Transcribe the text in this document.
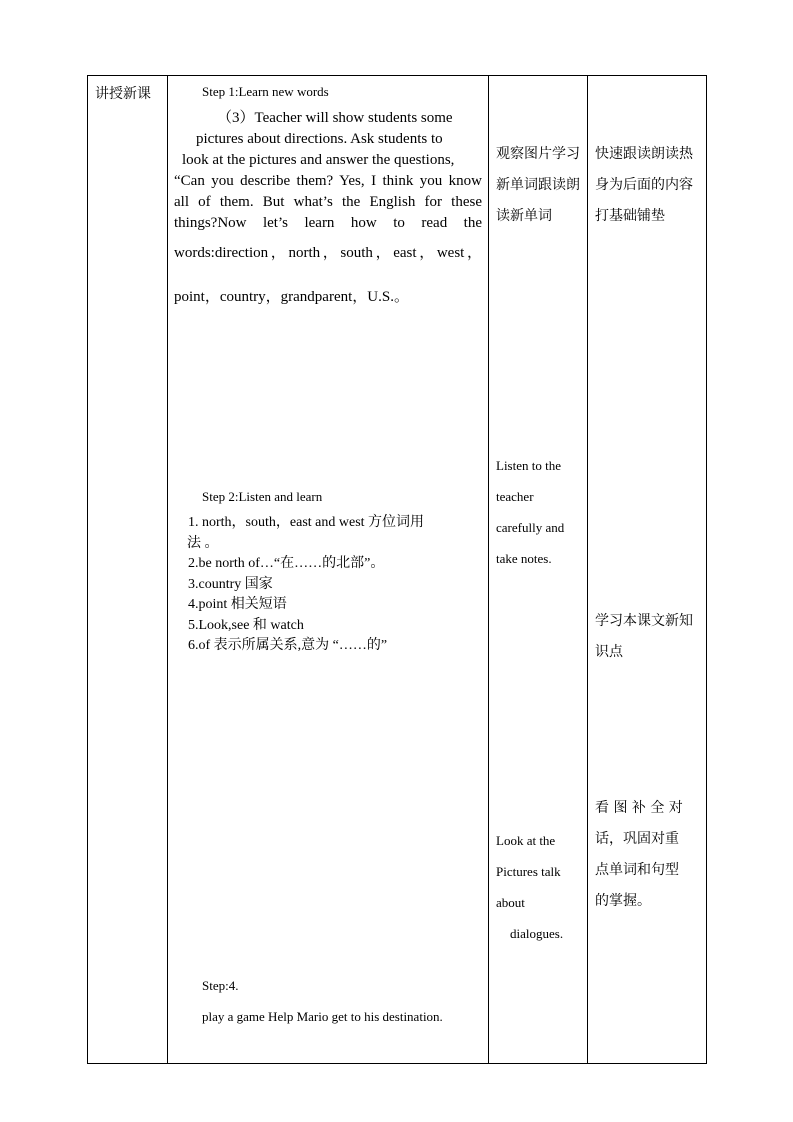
讲授新课	Step 1:Learn new words
（3）Teacher will show students some
pictures about directions. Ask students to
look at the pictures and answer the questions,
“Can you describe them? Yes, I think you know
all of them. But what’s the English for these
things?Now let’s learn how to read the
words:direction，north，south，east，west，
point，country，grandparent，U.S.。
Step 2:Listen and learn
1. north，south，east and west 方位词用
法 。
2.be north of…“在……的北部”。
3.country 国家
4.point 相关短语
5.Look,see 和 watch
6.of 表示所属关系,意为 “……的”
Step:4.
play a game Help Mario get to his destination.
观察图片学习
新单词跟读朗
读新单词
Listen to the
teacher
carefully and
take notes.
Look at the
Pictures talk
about
dialogues.
快速跟读朗读热
身为后面的内容
打基础铺垫
学习本课文新知
识点
看 图 补 全 对
话，巩固对重
点单词和句型
的掌握。
